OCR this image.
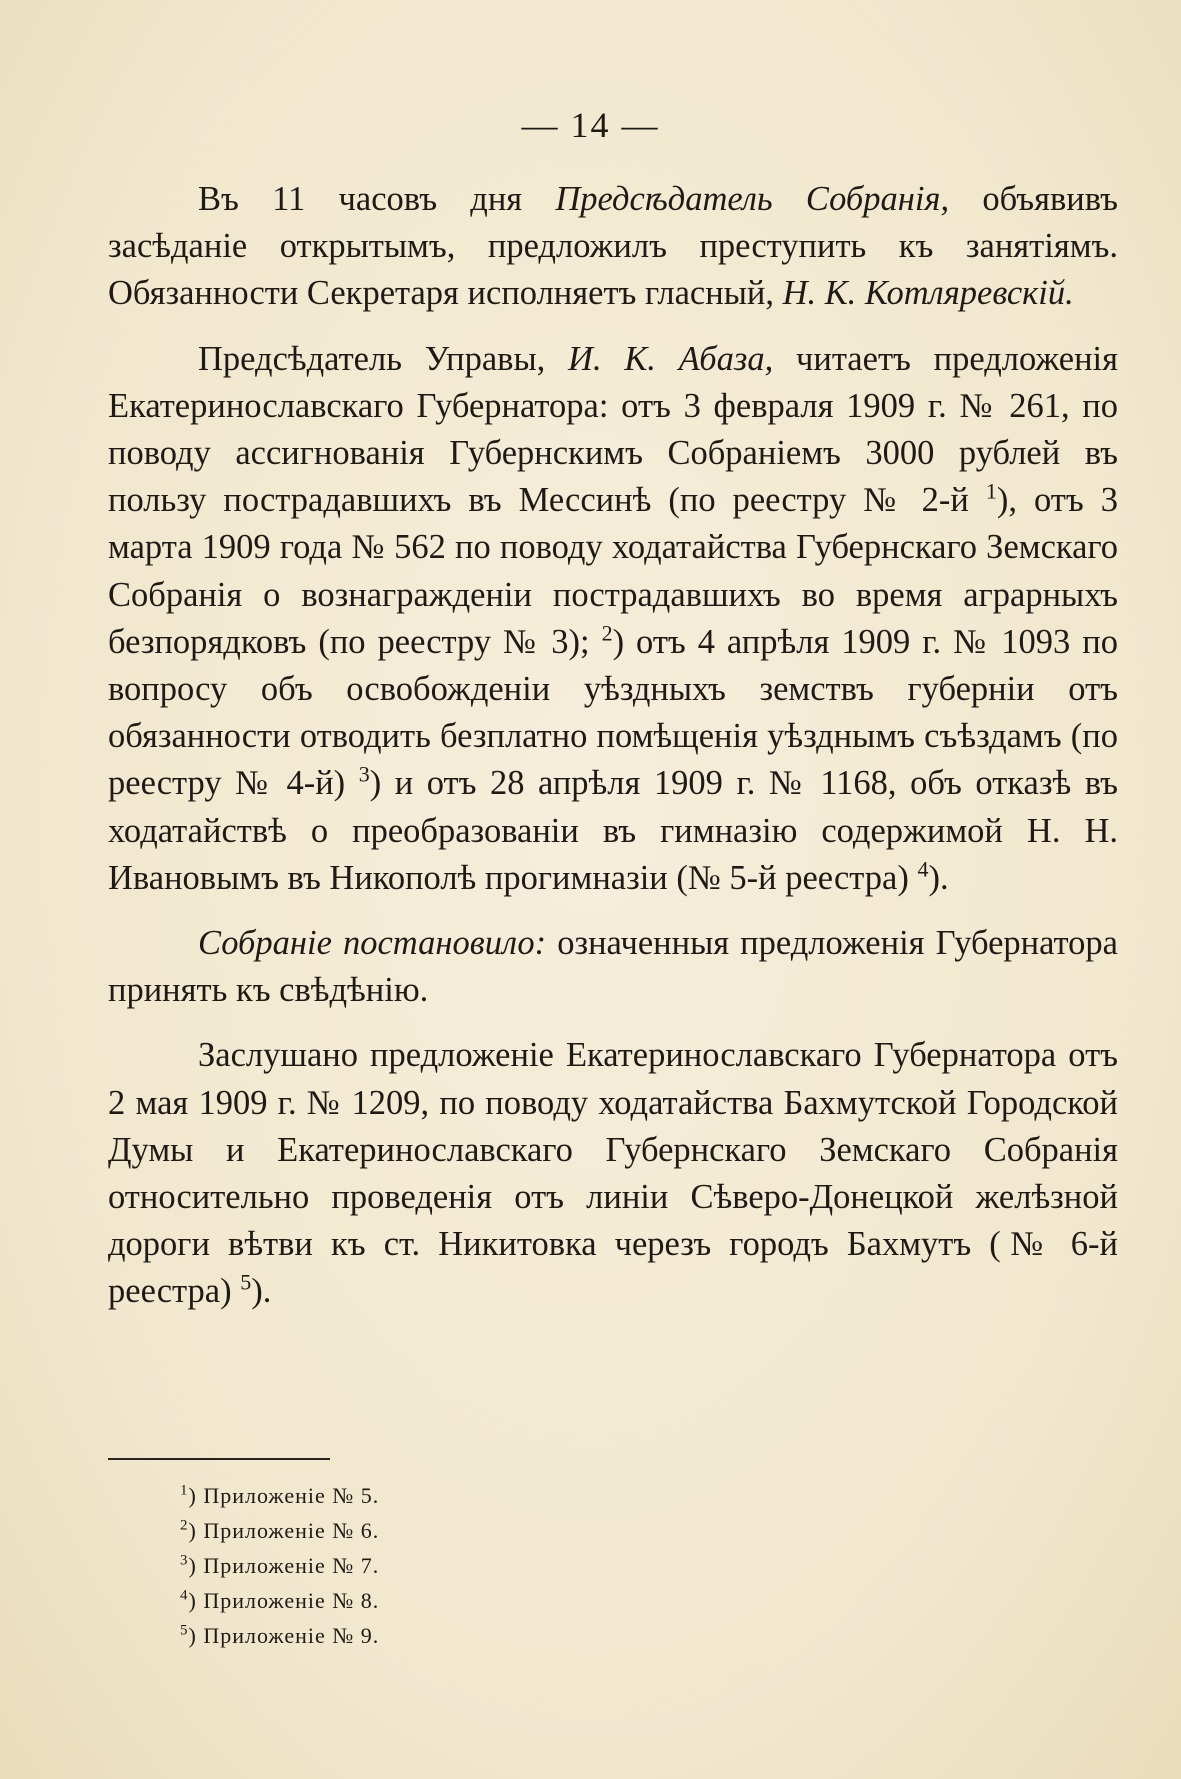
— 14 —

Въ 11 часовъ дня Предсѣдатель Собранія, объявивъ засѣданіе открытымъ, предложилъ преступить къ занятіямъ. Обязанности Секретаря исполняетъ гласный, Н. К. Котляревскій.

Предсѣдатель Управы, И. К. Абаза, читаетъ предложенія Екатеринославскаго Губернатора: отъ 3 февраля 1909 г. № 261, по поводу ассигнованія Губернскимъ Собраніемъ 3000 рублей въ пользу пострадавшихъ въ Мессинѣ (по реестру № 2-й $^1$), отъ 3 марта 1909 года № 562 по поводу ходатайства Губернскаго Земскаго Собранія о вознагражденіи пострадавшихъ во время аграрныхъ безпорядковъ (по реестру № 3); $^2$) отъ 4 апрѣля 1909 г. № 1093 по вопросу объ освобожденіи уѣздныхъ земствъ губерніи отъ обязанности отводить безплатно помѣщенія уѣзднымъ съѣздамъ (по реестру № 4-й) $^3$) и отъ 28 апрѣля 1909 г. № 1168, объ отказѣ въ ходатайствѣ о преобразованіи въ гимназію содержимой Н. Н. Ивановымъ въ Никополѣ прогимназіи (№ 5-й реестра) $^4$).

Собраніе постановило: означенныя предложенія Губернатора принять къ свѣдѣнію.

Заслушано предложеніе Екатеринославскаго Губернатора отъ 2 мая 1909 г. № 1209, по поводу ходатайства Бахмутской Городской Думы и Екатеринославскаго Губернскаго Земскаго Собранія относительно проведенія отъ линіи Сѣверо-Донецкой желѣзной дороги вѣтви къ ст. Никитовка черезъ городъ Бахмутъ (№ 6-й реестра) $^5$).

$^1$) Приложеніе № 5.
$^2$) Приложеніе № 6.
$^3$) Приложеніе № 7.
$^4$) Приложеніе № 8.
$^5$) Приложеніе № 9.
